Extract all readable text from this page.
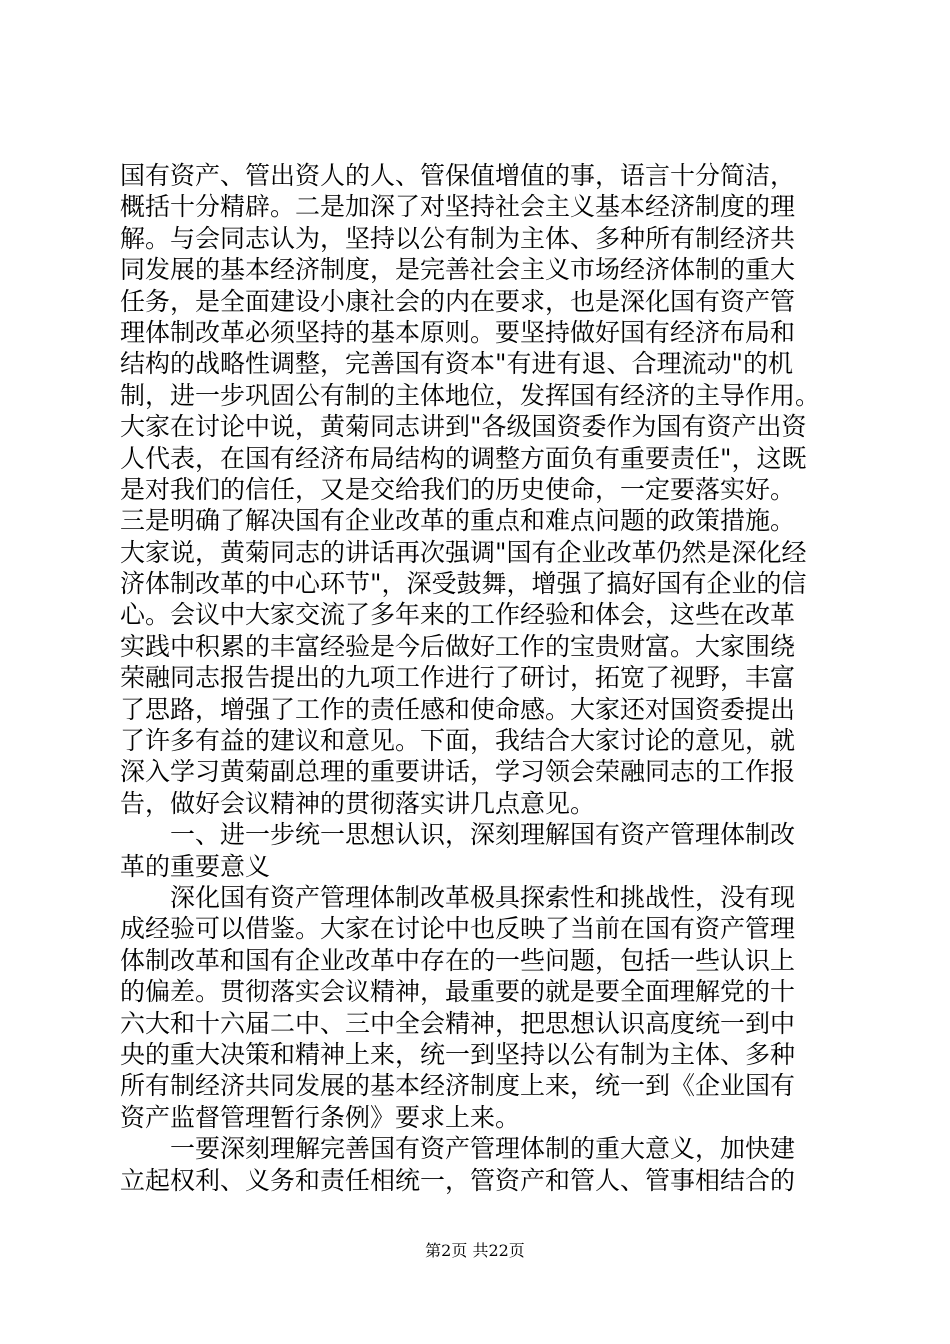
国有资产、管出资人的人、管保值增值的事，语言十分简洁，
概括十分精辟。二是加深了对坚持社会主义基本经济制度的理
解。与会同志认为，坚持以公有制为主体、多种所有制经济共
同发展的基本经济制度，是完善社会主义市场经济体制的重大
任务，是全面建设小康社会的内在要求，也是深化国有资产管
理体制改革必须坚持的基本原则。要坚持做好国有经济布局和
结构的战略性调整，完善国有资本"有进有退、合理流动"的机
制，进一步巩固公有制的主体地位，发挥国有经济的主导作用。
大家在讨论中说，黄菊同志讲到"各级国资委作为国有资产出资
人代表，在国有经济布局结构的调整方面负有重要责任"，这既
是对我们的信任，又是交给我们的历史使命，一定要落实好。
三是明确了解决国有企业改革的重点和难点问题的政策措施。
大家说，黄菊同志的讲话再次强调"国有企业改革仍然是深化经
济体制改革的中心环节"，深受鼓舞，增强了搞好国有企业的信
心。会议中大家交流了多年来的工作经验和体会，这些在改革
实践中积累的丰富经验是今后做好工作的宝贵财富。大家围绕
荣融同志报告提出的九项工作进行了研讨，拓宽了视野，丰富
了思路，增强了工作的责任感和使命感。大家还对国资委提出
了许多有益的建议和意见。下面，我结合大家讨论的意见，就
深入学习黄菊副总理的重要讲话，学习领会荣融同志的工作报
告，做好会议精神的贯彻落实讲几点意见。
一、进一步统一思想认识，深刻理解国有资产管理体制改
革的重要意义
深化国有资产管理体制改革极具探索性和挑战性，没有现
成经验可以借鉴。大家在讨论中也反映了当前在国有资产管理
体制改革和国有企业改革中存在的一些问题，包括一些认识上
的偏差。贯彻落实会议精神，最重要的就是要全面理解党的十
六大和十六届二中、三中全会精神，把思想认识高度统一到中
央的重大决策和精神上来，统一到坚持以公有制为主体、多种
所有制经济共同发展的基本经济制度上来，统一到《企业国有
资产监督管理暂行条例》要求上来。
一要深刻理解完善国有资产管理体制的重大意义，加快建
立起权利、义务和责任相统一，管资产和管人、管事相结合的
第2页 共22页
